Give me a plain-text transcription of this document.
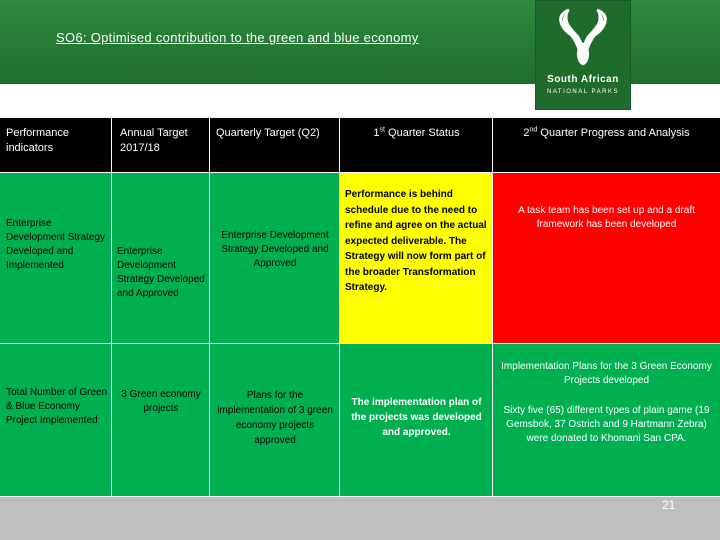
SO6: Optimised contribution to the green and blue economy
South African
NATIONAL PARKS
Performance indicators
Annual Target 2017/18
Quarterly Target (Q2)	1st Quarter Status	2nd Quarter Progress and Analysis
Enterprise Development Strategy Developed and Implemented
Enterprise Development Strategy Developed and Approved
Enterprise Development Strategy Developed and Approved
Performance is behind schedule due to the need to refine and agree on the actual expected deliverable. The Strategy will now form part of the broader Transformation Strategy.
A task team has been set up and a draft framework has been developed
Total Number of Green & Blue Economy Project Implemented
3 Green economy projects
Plans for the implementation of 3 green economy projects approved
The implementation plan of the projects was developed and approved.
Implementation Plans for the 3 Green Economy Projects developed
Sixty five (65) different types of plain game (19 Gemsbok, 37 Ostrich and 9 Hartmann Zebra) were donated to Khomani San CPA.
21
